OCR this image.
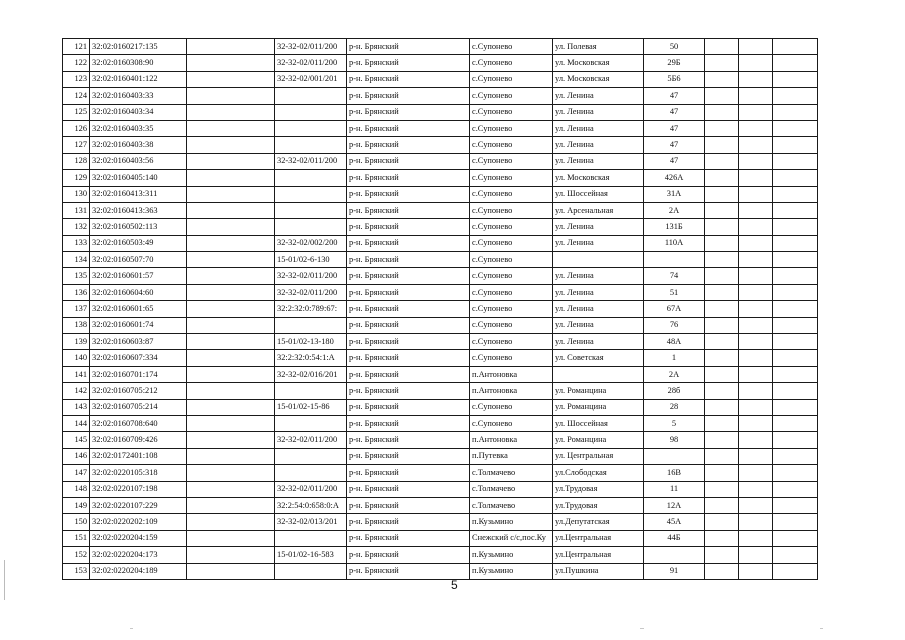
121	32:02:0160217:135		32-32-02/011/200	р-н. Брянский	с.Супонево	ул. Полевая	50			
122	32:02:0160308:90		32-32-02/011/200	р-н. Брянский	с.Супонево	ул. Московская	29Б			
123	32:02:0160401:122		32-32-02/001/201	р-н. Брянский	с.Супонево	ул. Московская	5Б6			
124	32:02:0160403:33			р-н. Брянский	с.Супонево	ул. Ленина	47			
125	32:02:0160403:34			р-н. Брянский	с.Супонево	ул. Ленина	47			
126	32:02:0160403:35			р-н. Брянский	с.Супонево	ул. Ленина	47			
127	32:02:0160403:38			р-н. Брянский	с.Супонево	ул. Ленина	47			
128	32:02:0160403:56		32-32-02/011/200	р-н. Брянский	с.Супонево	ул. Ленина	47			
129	32:02:0160405:140			р-н. Брянский	с.Супонево	ул. Московская	426А			
130	32:02:0160413:311			р-н. Брянский	с.Супонево	ул. Шоссейная	31А			
131	32:02:0160413:363			р-н. Брянский	с.Супонево	ул. Арсенальная	2А			
132	32:02:0160502:113			р-н. Брянский	с.Супонево	ул. Ленина	131Б			
133	32:02:0160503:49		32-32-02/002/200	р-н. Брянский	с.Супонево	ул. Ленина	110А			
134	32:02:0160507:70		15-01/02-6-130	р-н. Брянский	с.Супонево					
135	32:02:0160601:57		32-32-02/011/200	р-н. Брянский	с.Супонево	ул. Ленина	74			
136	32:02:0160604:60		32-32-02/011/200	р-н. Брянский	с.Супонево	ул. Ленина	51			
137	32:02:0160601:65		32:2:32:0:789:67:	р-н. Брянский	с.Супонево	ул. Ленина	67А			
138	32:02:0160601:74			р-н. Брянский	с.Супонево	ул. Ленина	76			
139	32:02:0160603:87		15-01/02-13-180	р-н. Брянский	с.Супонево	ул. Ленина	48А			
140	32:02:0160607:334		32:2:32:0:54:1:А	р-н. Брянский	с.Супонево	ул. Советская	1			
141	32:02:0160701:174		32-32-02/016/201	р-н. Брянский	п.Антоновка		2А			
142	32:02:0160705:212			р-н. Брянский	п.Антоновка	ул. Романцина	28б			
143	32:02:0160705:214		15-01/02-15-86	р-н. Брянский	с.Супонево	ул. Романцина	28			
144	32:02:0160708:640			р-н. Брянский	с.Супонево	ул. Шоссейная	5			
145	32:02:0160709:426		32-32-02/011/200	р-н. Брянский	п.Антоновка	ул. Романцина	98			
146	32:02:0172401:108			р-н. Брянский	п.Путевка	ул. Центральная				
147	32:02:0220105:318			р-н. Брянский	с.Толмачево	ул.Слободская	16В			
148	32:02:0220107:198		32-32-02/011/200	р-н. Брянский	с.Толмачево	ул.Трудовая	11			
149	32:02:0220107:229		32:2:54:0:658:0:А	р-н. Брянский	с.Толмачево	ул.Трудовая	12А			
150	32:02:0220202:109		32-32-02/013/201	р-н. Брянский	п.Кузьмино	ул.Депутатская	45А			
151	32:02:0220204:159			р-н. Брянский	Снежский с/с,пос.Ку	ул.Центральная	44Б			
152	32:02:0220204:173		15-01/02-16-583	р-н. Брянский	п.Кузьмино	ул.Центральная				
153	32:02:0220204:189			р-н. Брянский	п.Кузьмино	ул.Пушкина	91			
5
